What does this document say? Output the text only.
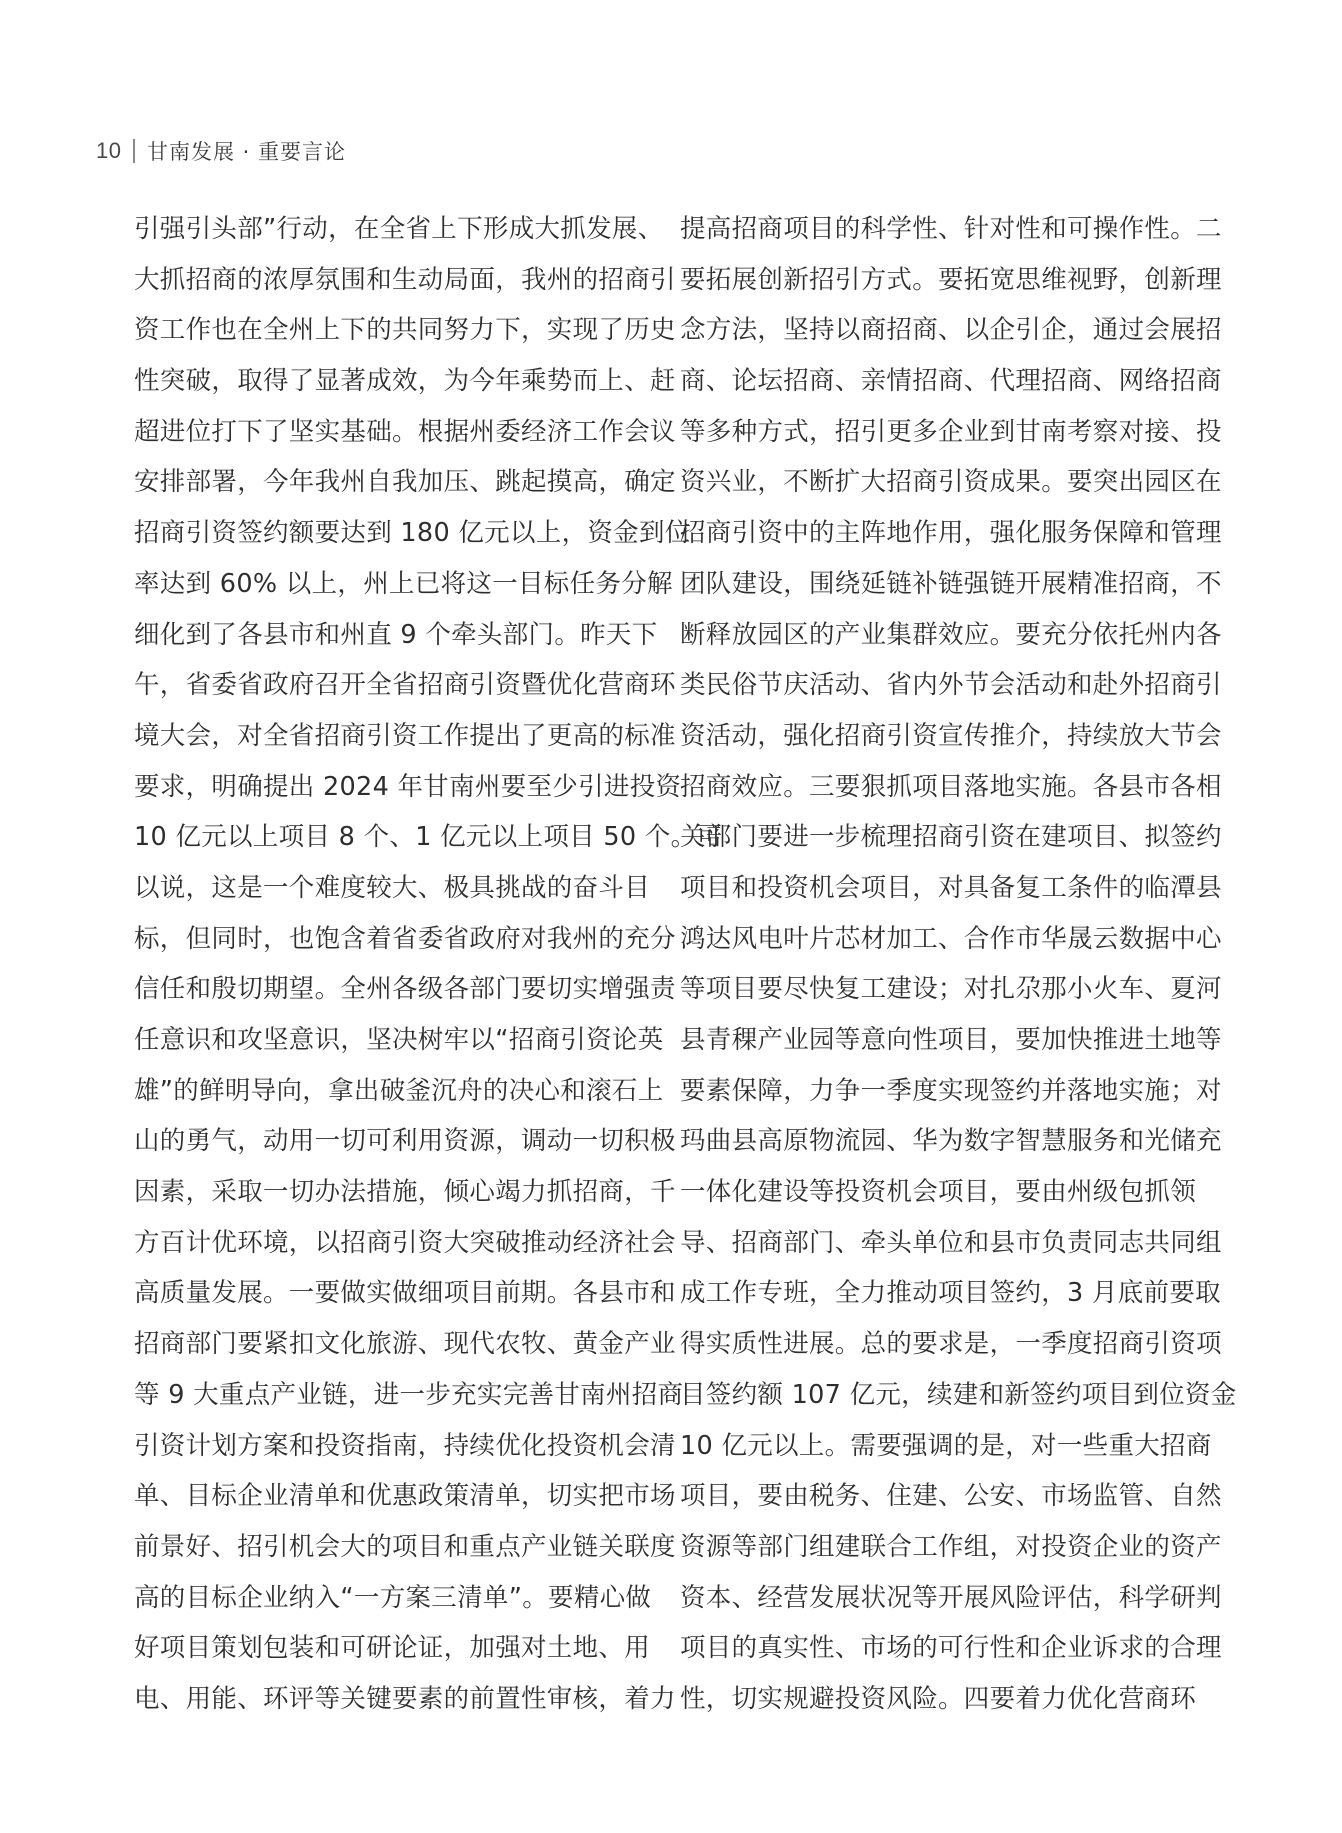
10 甘南发展 · 重要言论
引强引头部”行动，在全省上下形成大抓发展、
大抓招商的浓厚氛围和生动局面，我州的招商引
资工作也在全州上下的共同努力下，实现了历史
性突破，取得了显著成效，为今年乘势而上、赶
超进位打下了坚实基础。根据州委经济工作会议
安排部署，今年我州自我加压、跳起摸高，确定
招商引资签约额要达到 180 亿元以上，资金到位
率达到 60% 以上，州上已将这一目标任务分解
细化到了各县市和州直 9 个牵头部门。昨天下
午，省委省政府召开全省招商引资暨优化营商环
境大会，对全省招商引资工作提出了更高的标准
要求，明确提出 2024 年甘南州要至少引进投资
10 亿元以上项目 8 个、1 亿元以上项目 50 个。可
以说，这是一个难度较大、极具挑战的奋斗目
标，但同时，也饱含着省委省政府对我州的充分
信任和殷切期望。全州各级各部门要切实增强责
任意识和攻坚意识，坚决树牢以“招商引资论英
雄”的鲜明导向，拿出破釜沉舟的决心和滚石上
山的勇气，动用一切可利用资源，调动一切积极
因素，采取一切办法措施，倾心竭力抓招商，千
方百计优环境，以招商引资大突破推动经济社会
高质量发展。一要做实做细项目前期。各县市和
招商部门要紧扣文化旅游、现代农牧、黄金产业
等 9 大重点产业链，进一步充实完善甘南州招商
引资计划方案和投资指南，持续优化投资机会清
单、目标企业清单和优惠政策清单，切实把市场
前景好、招引机会大的项目和重点产业链关联度
高的目标企业纳入“一方案三清单”。要精心做
好项目策划包装和可研论证，加强对土地、用
电、用能、环评等关键要素的前置性审核，着力
提高招商项目的科学性、针对性和可操作性。二
要拓展创新招引方式。要拓宽思维视野，创新理
念方法，坚持以商招商、以企引企，通过会展招
商、论坛招商、亲情招商、代理招商、网络招商
等多种方式，招引更多企业到甘南考察对接、投
资兴业，不断扩大招商引资成果。要突出园区在
招商引资中的主阵地作用，强化服务保障和管理
团队建设，围绕延链补链强链开展精准招商，不
断释放园区的产业集群效应。要充分依托州内各
类民俗节庆活动、省内外节会活动和赴外招商引
资活动，强化招商引资宣传推介，持续放大节会
招商效应。三要狠抓项目落地实施。各县市各相
关部门要进一步梳理招商引资在建项目、拟签约
项目和投资机会项目，对具备复工条件的临潭县
鸿达风电叶片芯材加工、合作市华晟云数据中心
等项目要尽快复工建设；对扎尕那小火车、夏河
县青稞产业园等意向性项目，要加快推进土地等
要素保障，力争一季度实现签约并落地实施；对
玛曲县高原物流园、华为数字智慧服务和光储充
一体化建设等投资机会项目，要由州级包抓领
导、招商部门、牵头单位和县市负责同志共同组
成工作专班，全力推动项目签约，3 月底前要取
得实质性进展。总的要求是，一季度招商引资项
目签约额 107 亿元，续建和新签约项目到位资金
10 亿元以上。需要强调的是，对一些重大招商
项目，要由税务、住建、公安、市场监管、自然
资源等部门组建联合工作组，对投资企业的资产
资本、经营发展状况等开展风险评估，科学研判
项目的真实性、市场的可行性和企业诉求的合理
性，切实规避投资风险。四要着力优化营商环
